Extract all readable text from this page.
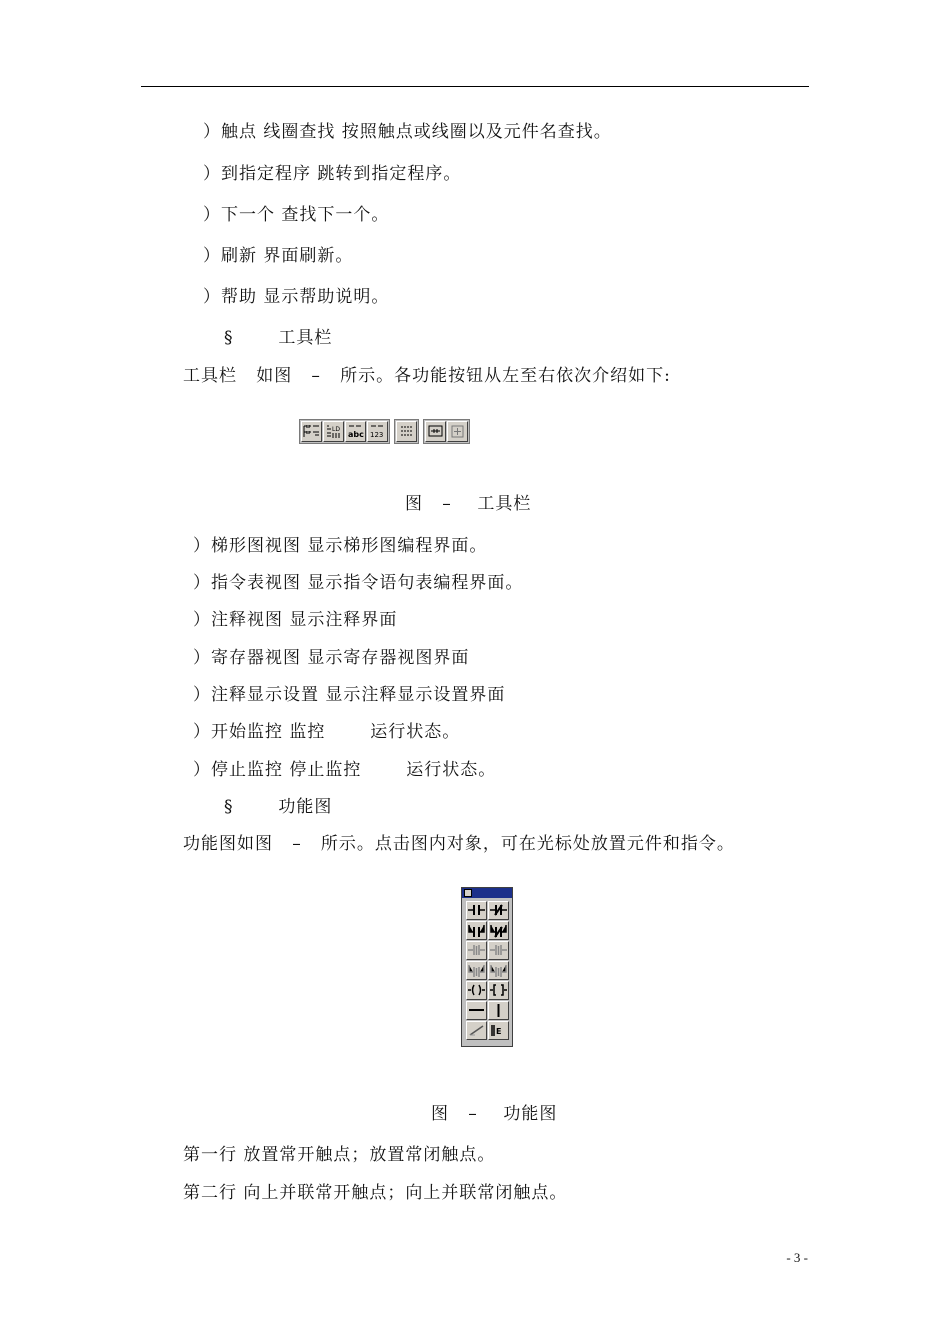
）触点 线圈查找 按照触点或线圈以及元件名查找。
）到指定程序 跳转到指定程序。
）下一个 查找下一个。
）刷新 界面刷新。
）帮助 显示帮助说明。
§       工具栏
工具栏   如图   –   所示。各功能按钮从左至右依次介绍如下:
LD
abc 123
图   –    工具栏
）梯形图视图 显示梯形图编程界面。
）指令表视图 显示指令语句表编程界面。
）注释视图 显示注释界面
）寄存器视图 显示寄存器视图界面
）注释显示设置 显示注释显示设置界面
）开始监控 监控       运行状态。
）停止监控 停止监控       运行状态。
§       功能图
功能图如图   –   所示。点击图内对象，可在光标处放置元件和指令。
E
图   –    功能图
第一行 放置常开触点；放置常闭触点。
第二行 向上并联常开触点；向上并联常闭触点。
- 3 -
